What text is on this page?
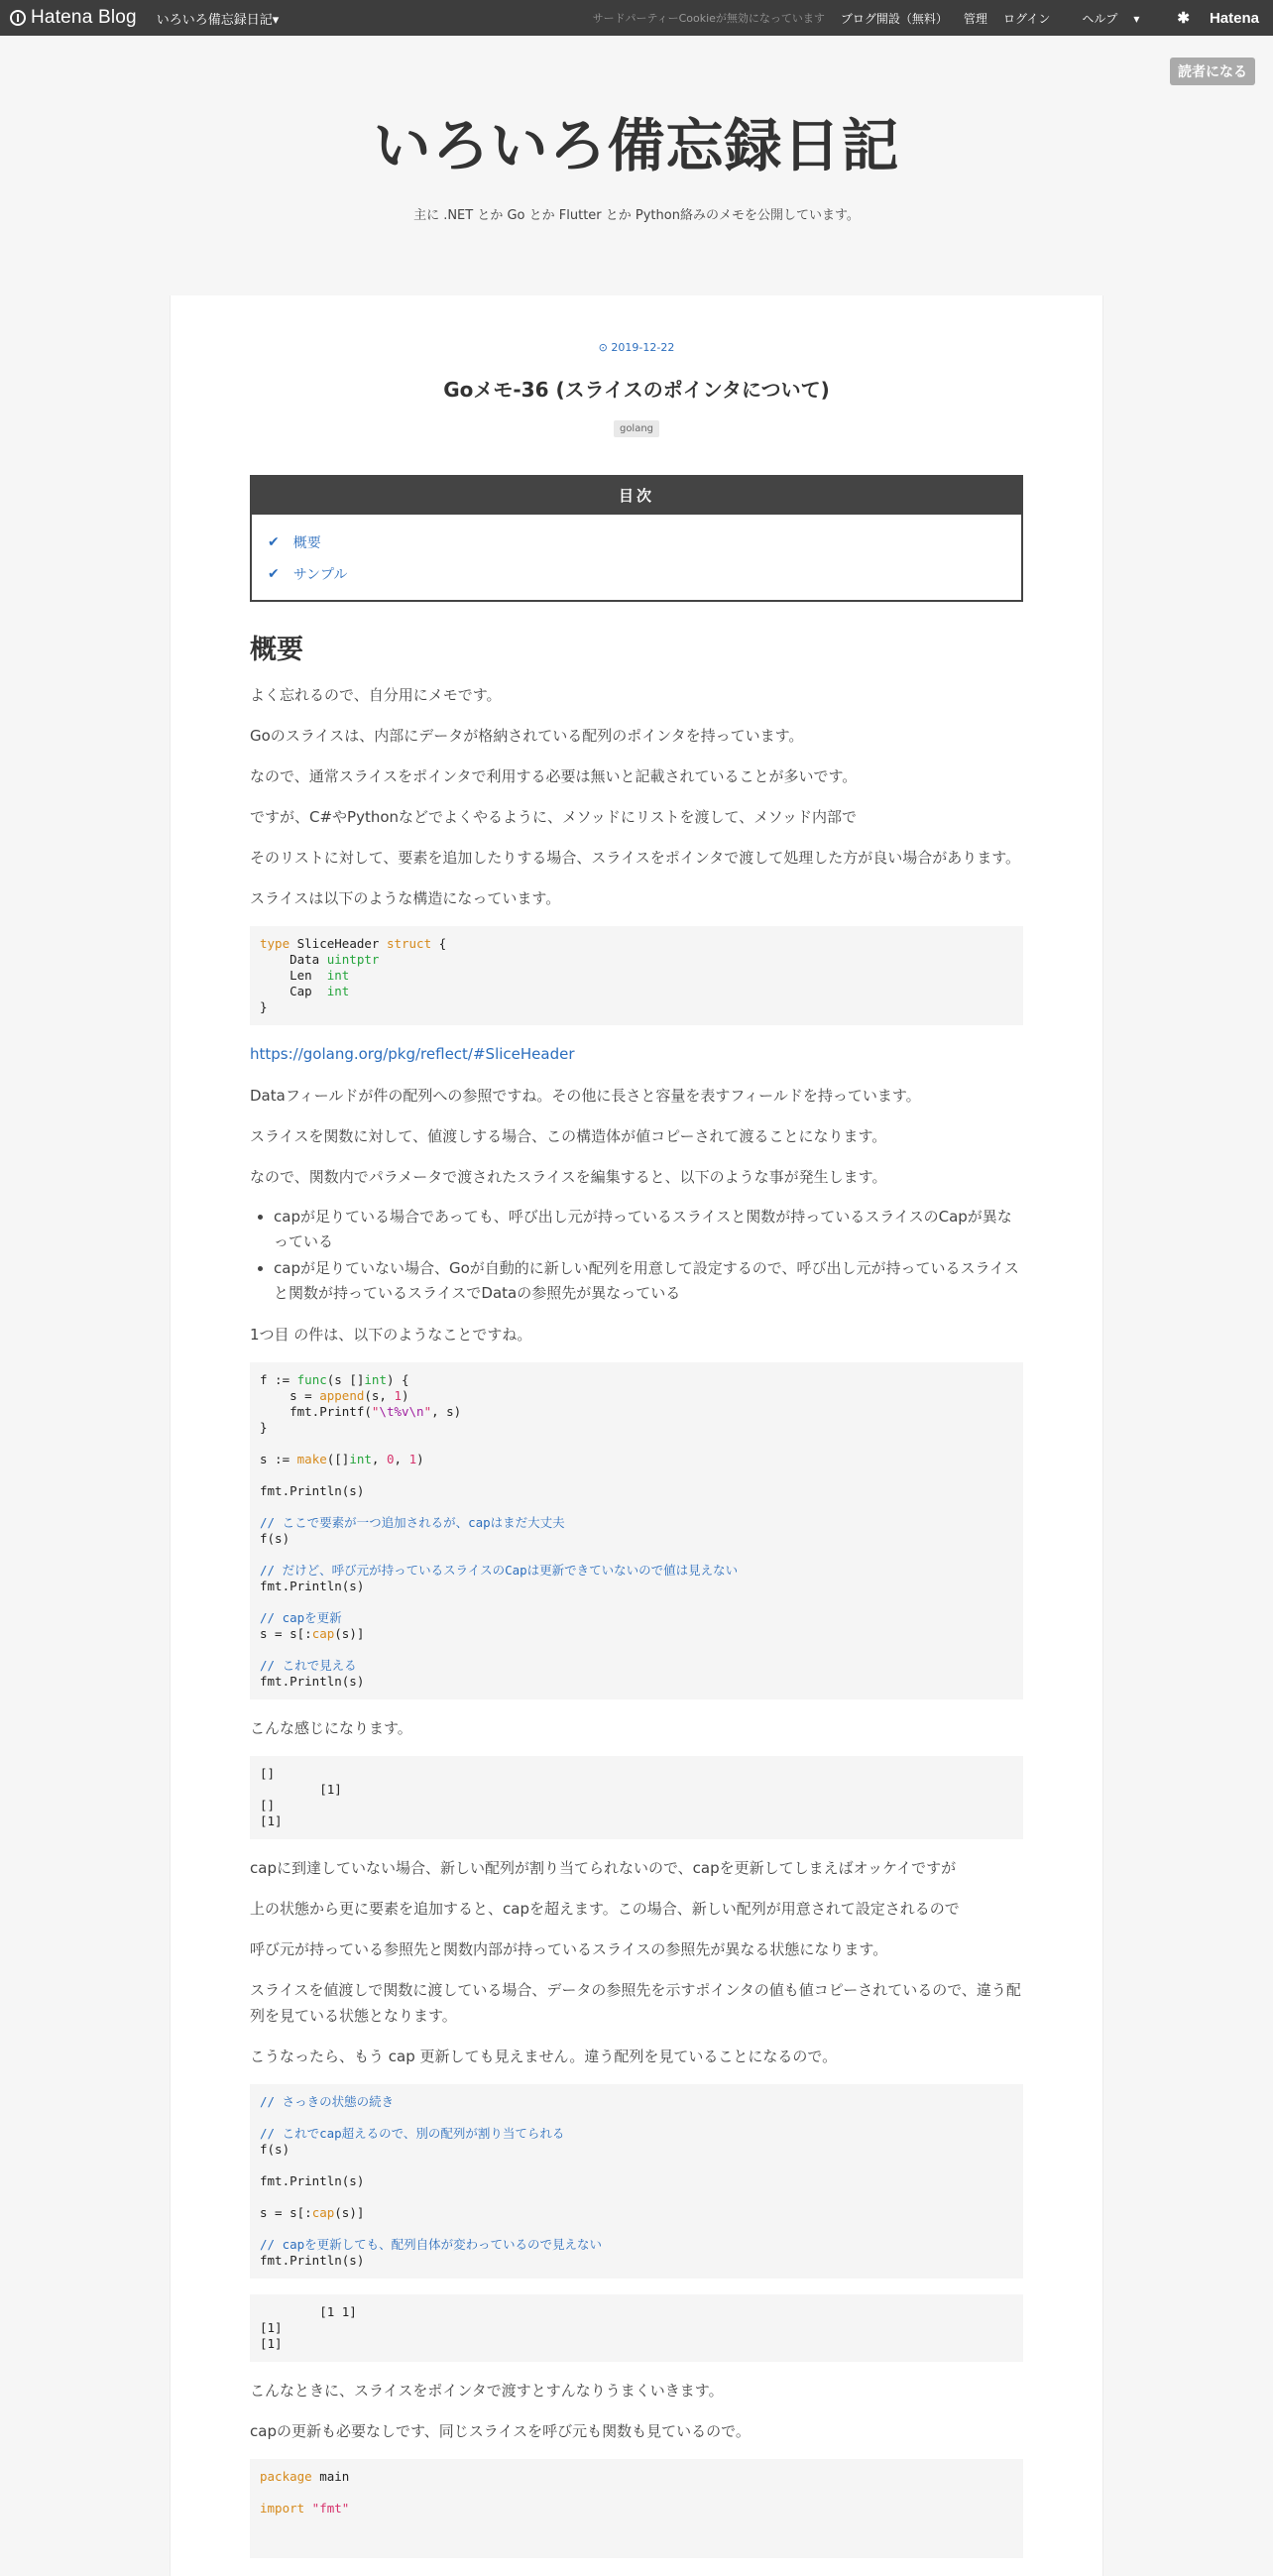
Hatena Blog いろいろ備忘録日記▾	サードパーティーCookieが無効になっています ブログ開設（無料） 管理 ログイン	ヘルプ ▾	✱ Hatena
読者になる
いろいろ備忘録日記
主に .NET とか Go とか Flutter とか Python絡みのメモを公開しています。
⊙ 2019-12-22
Goメモ-36 (スライスのポインタについて)
golang
目次
✔ 概要
✔ サンプル
概要

よく忘れるので、自分用にメモです。

Goのスライスは、内部にデータが格納されている配列のポインタを持っています。

なので、通常スライスをポインタで利用する必要は無いと記載されていることが多いです。

ですが、C#やPythonなどでよくやるように、メソッドにリストを渡して、メソッド内部で

そのリストに対して、要素を追加したりする場合、スライスをポインタで渡して処理した方が良い場合があります。

スライスは以下のような構造になっています。

type SliceHeader struct {
Data uintptr
Len  int
Cap  int
}
https://golang.org/pkg/reflect/#SliceHeader

Dataフィールドが件の配列への参照ですね。その他に長さと容量を表すフィールドを持っています。

スライスを関数に対して、値渡しする場合、この構造体が値コピーされて渡ることになります。

なので、関数内でパラメータで渡されたスライスを編集すると、以下のような事が発生します。

• capが足りている場合であっても、呼び出し元が持っているスライスと関数が持っているスライスのCapが異なっている
• capが足りていない場合、Goが自動的に新しい配列を用意して設定するので、呼び出し元が持っているスライスと関数が持っているスライスでDataの参照先が異なっている

1つ目 の件は、以下のようなことですね。

f := func(s []int) {
s = append(s, 1)
fmt.Printf("\t%v\n", s)
}

s := make([]int, 0, 1)

fmt.Println(s)

// ここで要素が一つ追加されるが、capはまだ大丈夫
f(s)

// だけど、呼び元が持っているスライスのCapは更新できていないので値は見えない
fmt.Println(s)

// capを更新
s = s[:cap(s)]

// これで見える
fmt.Println(s)

こんな感じになります。

[]
[1]
[]
[1]

capに到達していない場合、新しい配列が割り当てられないので、capを更新してしまえばオッケイですが

上の状態から更に要素を追加すると、capを超えます。この場合、新しい配列が用意されて設定されるので

呼び元が持っている参照先と関数内部が持っているスライスの参照先が異なる状態になります。

スライスを値渡しで関数に渡している場合、データの参照先を示すポインタの値も値コピーされているので、違う配列を見ている状態となります。

こうなったら、もう cap 更新しても見えません。違う配列を見ていることになるので。

// さっきの状態の続き

// これでcap超えるので、別の配列が割り当てられる
f(s)

fmt.Println(s)

s = s[:cap(s)]

// capを更新しても、配列自体が変わっているので見えない
fmt.Println(s)
[1 1]
[1]
[1]

こんなときに、スライスをポインタで渡すとすんなりうまくいきます。

capの更新も必要なしです、同じスライスを呼び元も関数も見ているので。

package main

import "fmt"
